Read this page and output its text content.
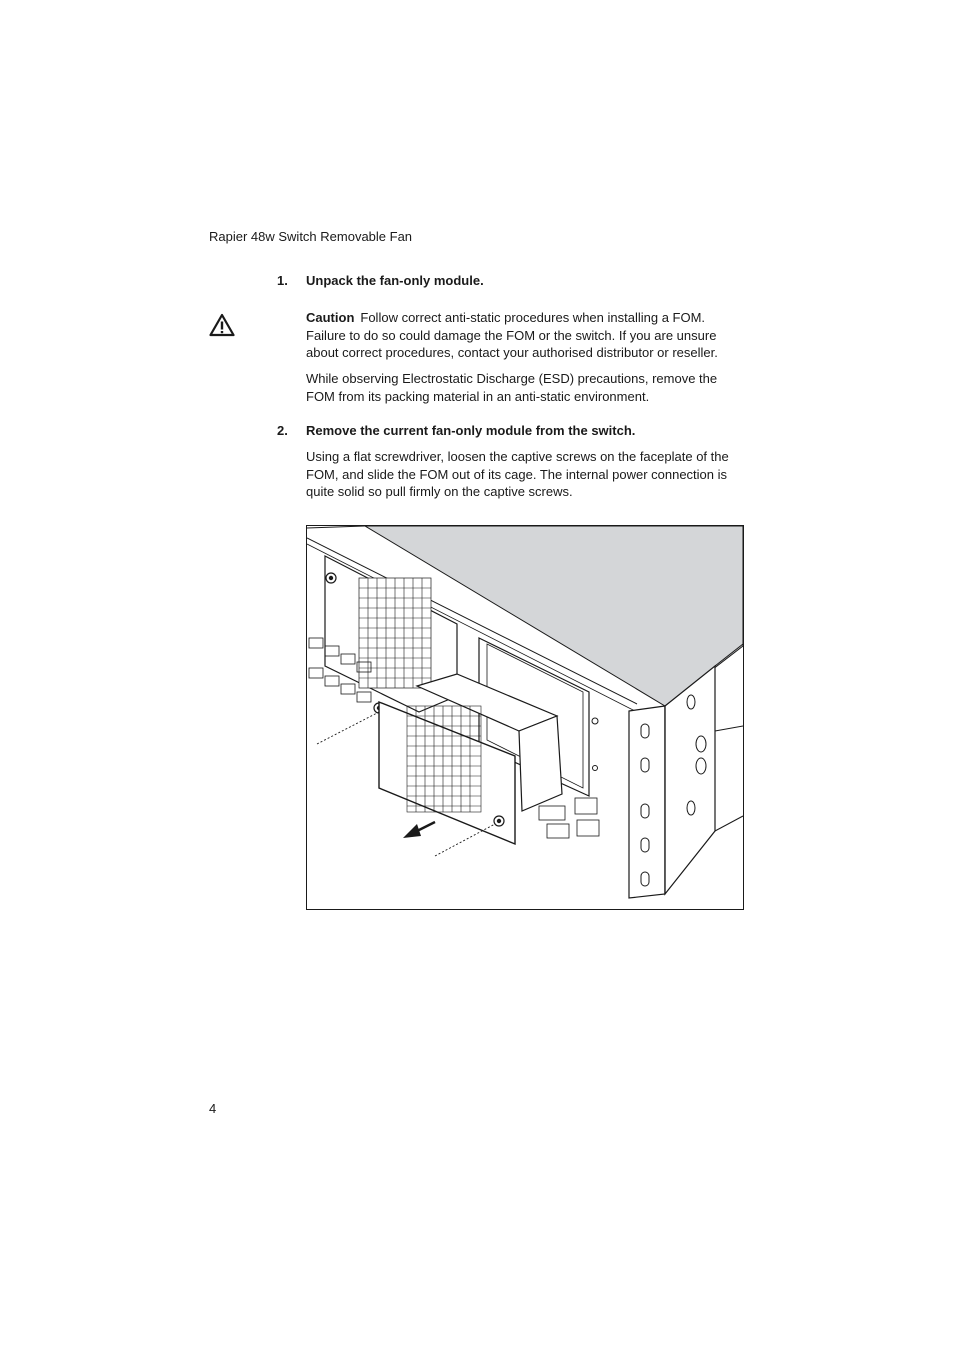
Rapier 48w Switch Removable Fan
1. Unpack the fan-only module.
Caution Follow correct anti-static procedures when installing a FOM. Failure to do so could damage the FOM or the switch. If you are unsure about correct procedures, contact your authorised distributor or reseller.
While observing Electrostatic Discharge (ESD) precautions, remove the FOM from its packing material in an anti-static environment.
2. Remove the current fan-only module from the switch.
Using a flat screwdriver, loosen the captive screws on the faceplate of the FOM, and slide the FOM out of its cage. The internal power connection is quite solid so pull firmly on the captive screws.
4
